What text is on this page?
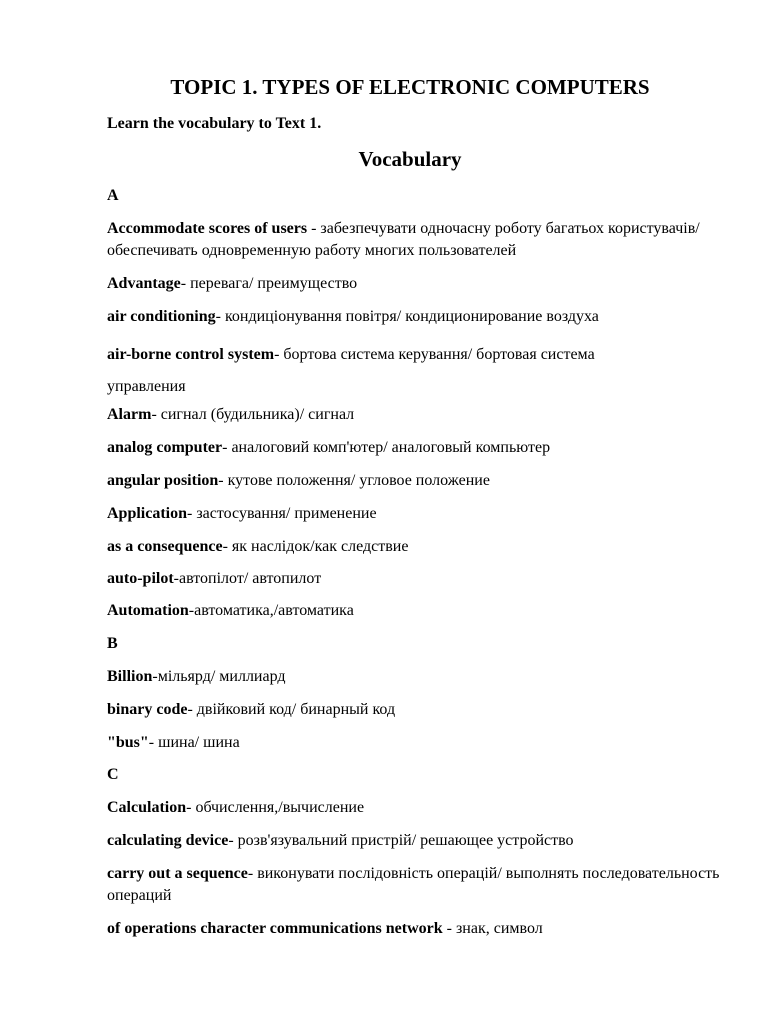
TOPIC 1. TYPES OF ELECTRONIC COMPUTERS
Learn the vocabulary to Text 1.
Vocabulary
A
Accommodate scores of users - забезпечувати одночасну роботу багатьох користувачів/ обеспечивать одновременную работу многих пользователей
Advantage- перевага/ преимущество
air conditioning- кондиціонування повітря/ кондиционирование воздуха
air-borne control system- бортова система керування/ бортовая система управления
Alarm- сигнал (будильника)/ сигнал
analog computer- аналоговий комп'ютер/ аналоговый компьютер
angular position- кутове положення/ угловое положение
Application- застосування/ применение
as a consequence- як наслідок/как следствие
auto-pilot-автопілот/ автопилот
Automation-автоматика,/автоматика
B
Billion-мільярд/ миллиард
binary code- двійковий код/ бинарный код
"bus"- шина/ шина
C
Calculation- обчислення,/вычисление
calculating device- розв'язувальний пристрій/ решающее устройство
carry out a sequence- виконувати послідовність операцій/ выполнять последовательность операций
of operations character communications network - знак, символ
